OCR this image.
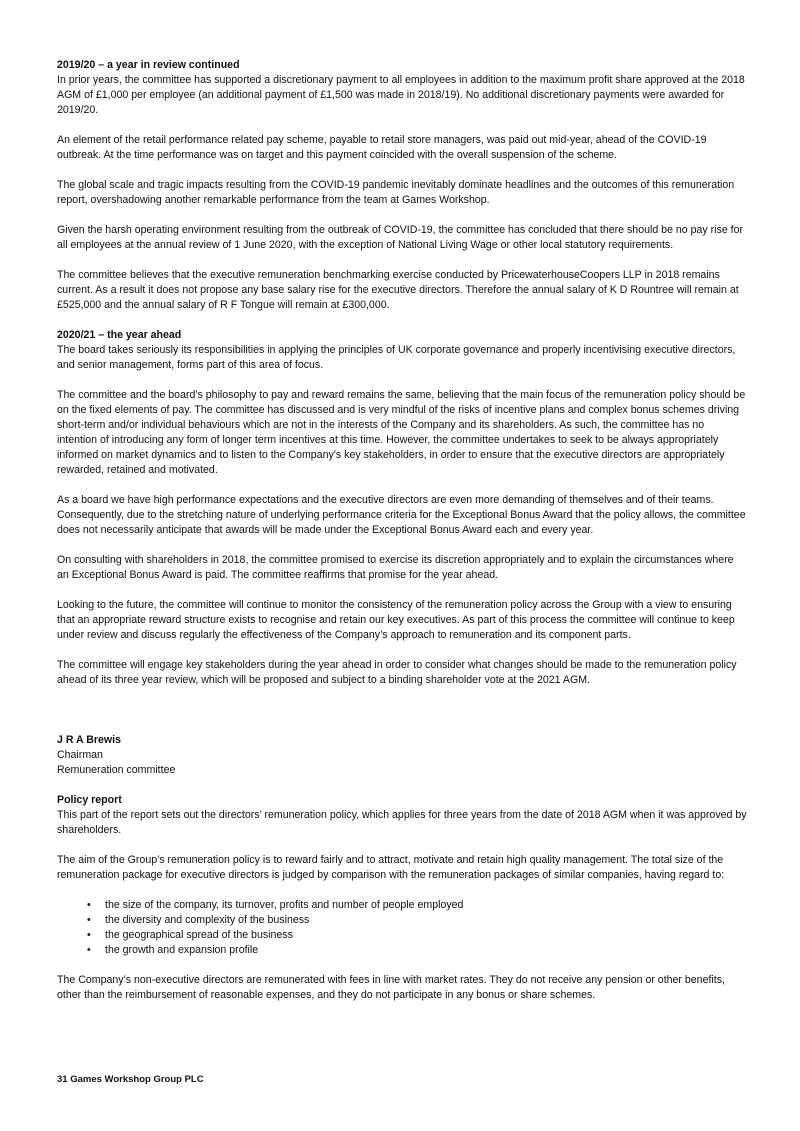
2019/20 – a year in review continued

In prior years, the committee has supported a discretionary payment to all employees in addition to the maximum profit share approved at the 2018 AGM of £1,000 per employee (an additional payment of £1,500 was made in 2018/19). No additional discretionary payments were awarded for 2019/20.

An element of the retail performance related pay scheme, payable to retail store managers, was paid out mid-year, ahead of the COVID-19 outbreak. At the time performance was on target and this payment coincided with the overall suspension of the scheme.

The global scale and tragic impacts resulting from the COVID-19 pandemic inevitably dominate headlines and the outcomes of this remuneration report, overshadowing another remarkable performance from the team at Games Workshop.

Given the harsh operating environment resulting from the outbreak of COVID-19, the committee has concluded that there should be no pay rise for all employees at the annual review of 1 June 2020, with the exception of National Living Wage or other local statutory requirements.

The committee believes that the executive remuneration benchmarking exercise conducted by PricewaterhouseCoopers LLP in 2018 remains current. As a result it does not propose any base salary rise for the executive directors. Therefore the annual salary of K D Rountree will remain at £525,000 and the annual salary of R F Tongue will remain at £300,000.

2020/21 – the year ahead

The board takes seriously its responsibilities in applying the principles of UK corporate governance and properly incentivising executive directors, and senior management, forms part of this area of focus.

The committee and the board’s philosophy to pay and reward remains the same, believing that the main focus of the remuneration policy should be on the fixed elements of pay. The committee has discussed and is very mindful of the risks of incentive plans and complex bonus schemes driving short-term and/or individual behaviours which are not in the interests of the Company and its shareholders. As such, the committee has no intention of introducing any form of longer term incentives at this time. However, the committee undertakes to seek to be always appropriately informed on market dynamics and to listen to the Company’s key stakeholders, in order to ensure that the executive directors are appropriately rewarded, retained and motivated.

As a board we have high performance expectations and the executive directors are even more demanding of themselves and of their teams. Consequently, due to the stretching nature of underlying performance criteria for the Exceptional Bonus Award that the policy allows, the committee does not necessarily anticipate that awards will be made under the Exceptional Bonus Award each and every year.

On consulting with shareholders in 2018, the committee promised to exercise its discretion appropriately and to explain the circumstances where an Exceptional Bonus Award is paid. The committee reaffirms that promise for the year ahead.

Looking to the future, the committee will continue to monitor the consistency of the remuneration policy across the Group with a view to ensuring that an appropriate reward structure exists to recognise and retain our key executives. As part of this process the committee will continue to keep under review and discuss regularly the effectiveness of the Company’s approach to remuneration and its component parts.

The committee will engage key stakeholders during the year ahead in order to consider what changes should be made to the remuneration policy ahead of its three year review, which will be proposed and subject to a binding shareholder vote at the 2021 AGM.

J R A Brewis
Chairman
Remuneration committee

Policy report

This part of the report sets out the directors’ remuneration policy, which applies for three years from the date of 2018 AGM when it was approved by shareholders.

The aim of the Group’s remuneration policy is to reward fairly and to attract, motivate and retain high quality management. The total size of the remuneration package for executive directors is judged by comparison with the remuneration packages of similar companies, having regard to:

• the size of the company, its turnover, profits and number of people employed
• the diversity and complexity of the business
• the geographical spread of the business
• the growth and expansion profile

The Company’s non-executive directors are remunerated with fees in line with market rates. They do not receive any pension or other benefits, other than the reimbursement of reasonable expenses, and they do not participate in any bonus or share schemes.

31 Games Workshop Group PLC
